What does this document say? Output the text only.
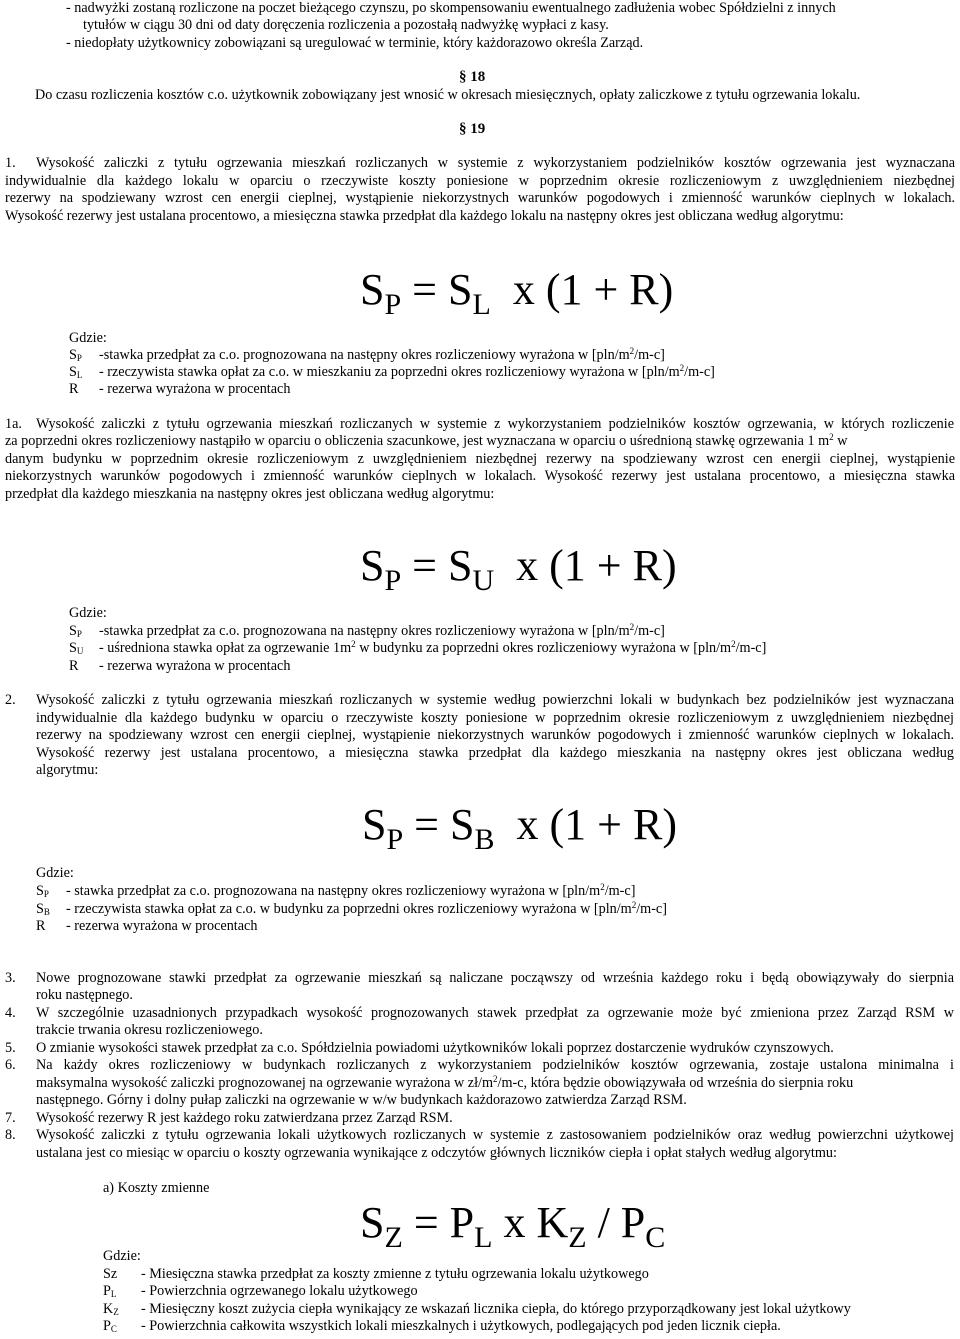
- nadwyżki zostaną rozliczone na poczet bieżącego czynszu, po skompensowaniu ewentualnego zadłużenia wobec Spółdzielni z innych
tytułów w ciągu 30 dni od daty doręczenia rozliczenia a pozostałą nadwyżkę wypłaci z kasy.
- niedopłaty użytkownicy zobowiązani są uregulować w terminie, który każdorazowo określa Zarząd.
§ 18
Do czasu rozliczenia kosztów c.o. użytkownik zobowiązany jest wnosić w okresach miesięcznych, opłaty zaliczkowe z tytułu ogrzewania lokalu.
§ 19
1. Wysokość zaliczki z tytułu ogrzewania mieszkań rozliczanych w systemie z wykorzystaniem podzielników kosztów ogrzewania jest wyznaczana
indywidualnie dla każdego lokalu w oparciu o rzeczywiste koszty poniesione w poprzednim okresie rozliczeniowym z uwzględnieniem niezbędnej
rezerwy na spodziewany wzrost cen energii cieplnej, wystąpienie niekorzystnych warunków pogodowych i zmienność warunków cieplnych w lokalach.
Wysokość rezerwy jest ustalana procentowo, a miesięczna stawka przedpłat dla każdego lokalu na następny okres jest obliczana według algorytmu:
$S_P = S_L$ x (1 + R)
Gdzie:
$S_P$ -stawka przedpłat za c.o. prognozowana na następny okres rozliczeniowy wyrażona w $[pln/m^2/m-c]$
$S_L$ - rzeczywista stawka opłat za c.o. w mieszkaniu za poprzedni okres rozliczeniowy wyrażona w $[pln/m^2/m-c]$
R - rezerwa wyrażona w procentach
1a. Wysokość zaliczki z tytułu ogrzewania mieszkań rozliczanych w systemie z wykorzystaniem podzielników kosztów ogrzewania, w których rozliczenie
za poprzedni okres rozliczeniowy nastąpiło w oparciu o obliczenia szacunkowe, jest wyznaczana w oparciu o uśrednioną stawkę ogrzewania 1 $m^2$ w
danym budynku w poprzednim okresie rozliczeniowym z uwzględnieniem niezbędnej rezerwy na spodziewany wzrost cen energii cieplnej, wystąpienie
niekorzystnych warunków pogodowych i zmienność warunków cieplnych w lokalach. Wysokość rezerwy jest ustalana procentowo, a miesięczna stawka
przedpłat dla każdego mieszkania na następny okres jest obliczana według algorytmu:
$S_P = S_U$ x (1 + R)
Gdzie:
$S_P$ -stawka przedpłat za c.o. prognozowana na następny okres rozliczeniowy wyrażona w $[pln/m^2/m-c]$
$S_U$ - uśredniona stawka opłat za ogrzewanie $1m^2$ w budynku za poprzedni okres rozliczeniowy wyrażona w $[pln/m^2/m-c]$
R - rezerwa wyrażona w procentach
2. Wysokość zaliczki z tytułu ogrzewania mieszkań rozliczanych w systemie według powierzchni lokali w budynkach bez podzielników jest wyznaczana
indywidualnie dla każdego budynku w oparciu o rzeczywiste koszty poniesione w poprzednim okresie rozliczeniowym z uwzględnieniem niezbędnej
rezerwy na spodziewany wzrost cen energii cieplnej, wystąpienie niekorzystnych warunków pogodowych i zmienność warunków cieplnych w lokalach.
Wysokość rezerwy jest ustalana procentowo, a miesięczna stawka przedpłat dla każdego mieszkania na następny okres jest obliczana według
algorytmu:
$S_P = S_B$ x (1 + R)
Gdzie:
$S_P$ - stawka przedpłat za c.o. prognozowana na następny okres rozliczeniowy wyrażona w $[pln/m^2/m-c]$
$S_B$ - rzeczywista stawka opłat za c.o. w budynku za poprzedni okres rozliczeniowy wyrażona w $[pln/m^2/m-c]$
R - rezerwa wyrażona w procentach
3. Nowe prognozowane stawki przedpłat za ogrzewanie mieszkań są naliczane począwszy od września każdego roku i będą obowiązywały do sierpnia
roku następnego.
4. W szczególnie uzasadnionych przypadkach wysokość prognozowanych stawek przedpłat za ogrzewanie może być zmieniona przez Zarząd RSM w
trakcie trwania okresu rozliczeniowego.
5. O zmianie wysokości stawek przedpłat za c.o. Spółdzielnia powiadomi użytkowników lokali poprzez dostarczenie wydruków czynszowych.
6. Na każdy okres rozliczeniowy w budynkach rozliczanych z wykorzystaniem podzielników kosztów ogrzewania, zostaje ustalona minimalna i
maksymalna wysokość zaliczki prognozowanej na ogrzewanie wyrażona w $zł/m^2/m-c$, która będzie obowiązywała od września do sierpnia roku
następnego. Górny i dolny pułap zaliczki na ogrzewanie w w/w budynkach każdorazowo zatwierdza Zarząd RSM.
7. Wysokość rezerwy R jest każdego roku zatwierdzana przez Zarząd RSM.
8. Wysokość zaliczki z tytułu ogrzewania lokali użytkowych rozliczanych w systemie z zastosowaniem podzielników oraz według powierzchni użytkowej
ustalana jest co miesiąc w oparciu o koszty ogrzewania wynikające z odczytów głównych liczników ciepła i opłat stałych według algorytmu:
a) Koszty zmienne
$S_Z = P_L$ x $K_Z / P_C$
Gdzie:
Sz - Miesięczna stawka przedpłat za koszty zmienne z tytułu ogrzewania lokalu użytkowego
$P_L$ - Powierzchnia ogrzewanego lokalu użytkowego
$K_Z$ - Miesięczny koszt zużycia ciepła wynikający ze wskazań licznika ciepła, do którego przyporządkowany jest lokal użytkowy
$P_C$ - Powierzchnia całkowita wszystkich lokali mieszkalnych i użytkowych, podlegających pod jeden licznik ciepła.
